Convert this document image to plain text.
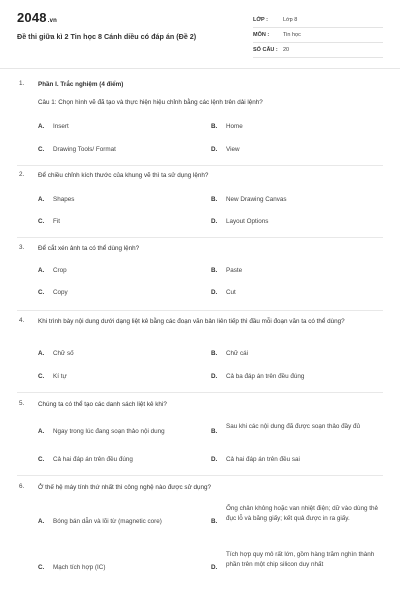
2048.vn
Đề thi giữa kì 2 Tin học 8 Cánh diều có đáp án (Đề 2)
LỚP :	Lớp 8
MÔN :	Tin học
SỐ CÂU : 20
1. Phần I. Trắc nghiệm (4 điểm)
Câu 1: Chọn hình vẽ đã tạo và thực hiện hiệu chỉnh bằng các lệnh trên dải lệnh?
A. Insert	B. Home
C. Drawing Tools/ Format	D. View
2. Để chiều chỉnh kích thước của khung vẽ thì ta sử dụng lệnh?
A. Shapes	B. New Drawing Canvas
C. Fit	D. Layout Options
3. Để cắt xén ảnh ta có thể dùng lệnh?
A. Crop	B. Paste
C. Copy	D. Cut
4. Khi trình bày nội dung dưới dạng liệt kê bằng các đoạn văn bản liên tiếp thì đầu mỗi đoạn văn ta có thể dùng?
A. Chữ số	B. Chữ cái
C. Kí tự	D. Cả ba đáp án trên đều đúng
5. Chúng ta có thể tạo các danh sách liệt kê khi?
A. Ngay trong lúc đang soạn thảo nội dung	B.
Sau khi các nội dung đã được soạn thảo đầy đủ
C. Cả hai đáp án trên đều đúng	D. Cả hai đáp án trên đều sai
6. Ở thế hệ máy tính thứ nhất thì công nghệ nào được sử dụng?
A. Bóng bán dẫn và lõi từ (magnetic core)	B.
Ống chân không hoặc van nhiệt điện; dữ vào dùng thẻ đục lỗ và băng giấy; kết quả được in ra giấy.
C. Mạch tích hợp (IC)	D.
Tích hợp quy mô rất lớn, gồm hàng trăm nghìn thành phần trên một chip silicon duy nhất
